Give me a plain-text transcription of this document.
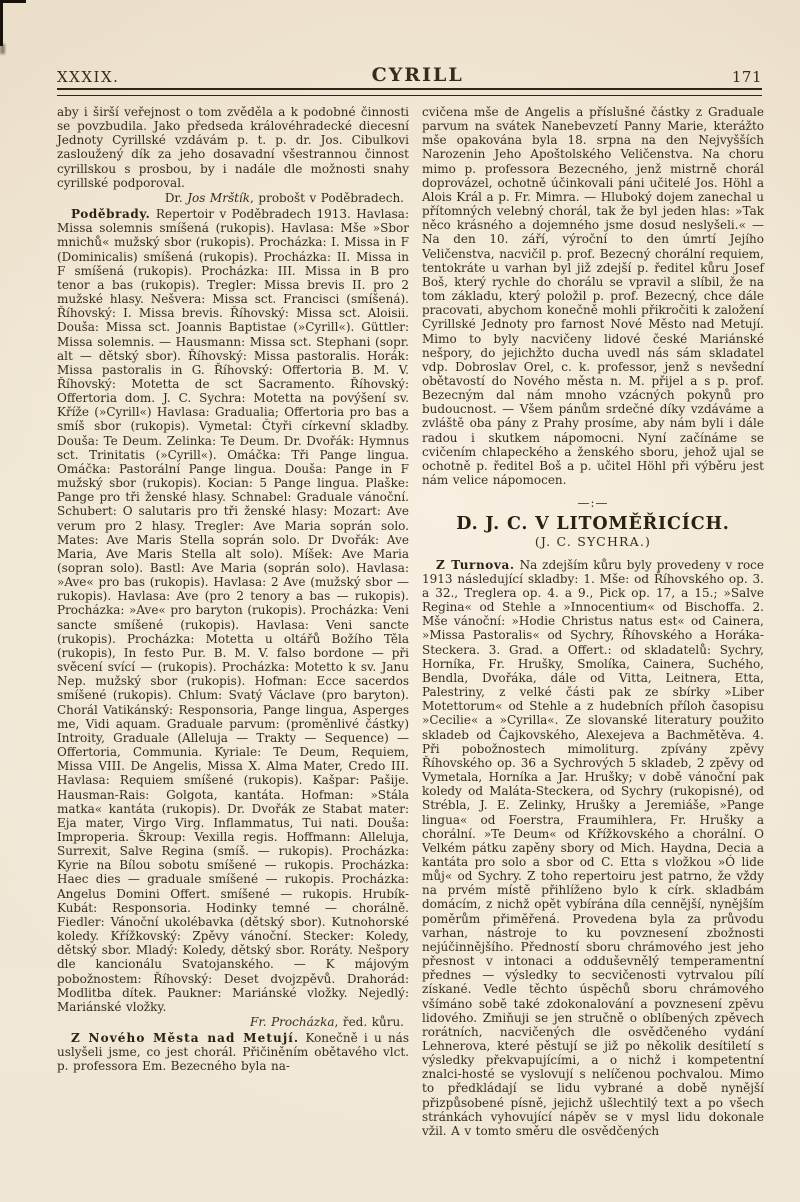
XXXIX.	CYRILL	171

aby i širší veřejnost o tom zvěděla a k podobné činnosti se povzbudila. Jako předseda královéhradecké diecesní Jednoty Cyrillské vzdávám p. t. p. dr. Jos. Cibulkovi zasloužený dík za jeho dosavadní všestrannou činnost cyrillskou s prosbou, by i nadále dle možnosti snahy cyrillské podporoval.

Dr. Jos Mrštík, probošt v Poděbradech.

Poděbrady. Repertoir v Poděbradech 1913. Havlasa: Missa solemnis smíšená (rukopis). Havlasa: Mše »Sbor mnichů« mužský sbor (rukopis). Procházka: I. Missa in F (Dominicalis) smíšená (rukopis). Procházka: II. Missa in F smíšená (rukopis). Procházka: III. Missa in B pro tenor a bas (rukopis). Tregler: Missa brevis II. pro 2 mužské hlasy. Nešvera: Missa sct. Francisci (smíšená). Říhovský: I. Missa brevis. Říhovský: Missa sct. Aloisii. Douša: Missa sct. Joannis Baptistae (»Cyrill«). Güttler: Missa solemnis. — Hausmann: Missa sct. Stephani (sopr. alt — dětský sbor). Říhovský: Missa pastoralis. Horák: Missa pastoralis in G. Říhovský: Offertoria B. M. V. Říhovský: Motetta de sct Sacramento. Říhovský: Offertoria dom. J. C. Sychra: Motetta na povýšení sv. Kříže (»Cyrill«) Havlasa: Gradualia; Offertoria pro bas a smíš sbor (rukopis). Vymetal: Čtyři církevní skladby. Douša: Te Deum. Zelinka: Te Deum. Dr. Dvořák: Hymnus sct. Trinitatis (»Cyrill«). Omáčka: Tři Pange lingua. Omáčka: Pastorální Pange lingua. Douša: Pange in F mužský sbor (rukopis). Kocian: 5 Pange lingua. Plaške: Pange pro tři ženské hlasy. Schnabel: Graduale vánoční. Schubert: O salutaris pro tři ženské hlasy: Mozart: Ave verum pro 2 hlasy. Tregler: Ave Maria soprán solo. Mates: Ave Maris Stella soprán solo. Dr Dvořák: Ave Maria, Ave Maris Stella alt solo). Míšek: Ave Maria (sopran solo). Bastl: Ave Maria (soprán solo). Havlasa: »Ave« pro bas (rukopis). Havlasa: 2 Ave (mužský sbor — rukopis). Havlasa: Ave (pro 2 tenory a bas — rukopis). Procházka: »Ave« pro baryton (rukopis). Procházka: Veni sancte smíšené (rukopis). Havlasa: Veni sancte (rukopis). Procházka: Motetta u oltářů Božího Těla (rukopis), In festo Pur. B. M. V. falso bordone — při svěcení svící — (rukopis). Procházka: Motetto k sv. Janu Nep. mužský sbor (rukopis). Hofman: Ecce sacerdos smíšené (rukopis). Chlum: Svatý Václave (pro baryton). Chorál Vatikánský: Responsoria, Pange lingua, Asperges me, Vidi aquam. Graduale parvum: (proměnlivé částky) Introity, Graduale (Alleluja — Trakty — Sequence) — Offertoria, Communia. Kyriale: Te Deum, Requiem, Missa VIII. De Angelis, Missa X. Alma Mater, Credo III. Havlasa: Requiem smíšené (rukopis). Kašpar: Pašije. Hausman-Rais: Golgota, kantáta. Hofman: »Stála matka« kantáta (rukopis). Dr. Dvořák ze Stabat mater: Eja mater, Virgo Virg. Inflammatus, Tui nati. Douša: Improperia. Škroup: Vexilla regis. Hoffmann: Alleluja, Surrexit, Salve Regina (smíš. — rukopis). Procházka: Kyrie na Bílou sobotu smíšené — rukopis. Procházka: Haec dies — graduale smíšené — rukopis. Procházka: Angelus Domini Offert. smíšené — rukopis. Hrubík-Kubát: Responsoria. Hodinky temné — chorálně. Fiedler: Vánoční ukolébavka (dětský sbor). Kutnohorské koledy. Křížkovský: Zpěvy vánoční. Stecker: Koledy, dětský sbor. Mladý: Koledy, dětský sbor. Roráty. Nešpory dle kancionálu Svatojanského. — K májovým pobožnostem: Říhovský: Deset dvojzpěvů. Drahorád: Modlitba dítek. Paukner: Mariánské vložky. Nejedlý: Mariánské vložky.

Fr. Procházka, řed. kůru.

Z Nového Města nad Metují. Konečně i u nás uslyšeli jsme, co jest chorál. Přičiněním obětavého vlct. p. professora Em. Bezecného byla na-

cvičena mše de Angelis a příslušné částky z Graduale parvum na svátek Nanebevzetí Panny Marie, kterážto mše opakována byla 18. srpna na den Nejvyšších Narozenin Jeho Apoštolského Veličenstva. Na choru mimo p. professora Bezecného, jenž mistrně chorál doprovázel, ochotně účinkovali páni učitelé Jos. Höhl a Alois Král a p. Fr. Mimra. — Hluboký dojem zanechal u přítomných velebný chorál, tak že byl jeden hlas: »Tak něco krásného a dojemného jsme dosud neslyšeli.« — Na den 10. září, výroční to den úmrtí Jejího Veličenstva, nacvičil p. prof. Bezecný chorální requiem, tentokráte u varhan byl již zdejší p. ředitel kůru Josef Boš, který rychle do chorálu se vpravil a slíbil, že na tom základu, který položil p. prof. Bezecný, chce dále pracovati, abychom konečně mohli přikročiti k založení Cyrillské Jednoty pro farnost Nové Město nad Metují. Mimo to byly nacvičeny lidové české Mariánské nešpory, do jejichžto ducha uvedl nás sám skladatel vdp. Dobroslav Orel, c. k. professor, jenž s nevšední obětavostí do Nového města n. M. přijel a s p. prof. Bezecným dal nám mnoho vzácných pokynů pro budoucnost. — Všem pánům srdečné díky vzdáváme a zvláště oba pány z Prahy prosíme, aby nám byli i dále radou i skutkem nápomocni. Nyní začínáme se cvičením chlapeckého a ženského sboru, jehož ujal se ochotně p. ředitel Boš a p. učitel Höhl při výběru jest nám velice nápomocen.

—:—
D. J. C. V LITOMĚŘICÍCH.
(J. C. SYCHRA.)

Z Turnova. Na zdejším kůru byly provedeny v roce 1913 následující skladby: 1. Mše: od Říhovského op. 3. a 32., Treglera op. 4. a 9., Pick op. 17, a 15.; »Salve Regina« od Stehle a »Innocentium« od Bischoffa. 2. Mše vánoční: »Hodie Christus natus est« od Cainera, »Missa Pastoralis« od Sychry, Říhovského a Horáka-Steckera. 3. Grad. a Offert.: od skladatelů: Sychry, Horníka, Fr. Hrušky, Smolíka, Cainera, Suchého, Bendla, Dvořáka, dále od Vitta, Leitnera, Etta, Palestriny, z velké části pak ze sbírky »Liber Motettorum« od Stehle a z hudebních příloh časopisu »Cecilie« a »Cyrilla«. Ze slovanské literatury použito skladeb od Čajkovského, Alexejeva a Bachmětěva. 4. Při pobožnostech mimoliturg. zpívány zpěvy Říhovského op. 36 a Sychrových 5 skladeb, 2 zpěvy od Vymetala, Horníka a Jar. Hrušky; v době vánoční pak koledy od Maláta-Steckera, od Sychry (rukopisné), od Strébla, J. E. Zelinky, Hrušky a Jeremiáše, »Pange lingua« od Foerstra, Fraumihlera, Fr. Hrušky a chorální. »Te Deum« od Křížkovského a chorální. O Velkém pátku zapěny sbory od Mich. Haydna, Decia a kantáta pro solo a sbor od C. Etta s vložkou »Ó lide můj« od Sychry. Z toho repertoiru jest patrno, že vždy na prvém místě přihlíženo bylo k círk. skladbám domácím, z nichž opět vybírána díla cennější, nynějším poměrům přiměřená. Provedena byla za průvodu varhan, nástroje to ku povznesení zbožnosti nejúčinnějšího. Předností sboru chrámového jest jeho přesnost v intonaci a odduševnělý temperamentní přednes — výsledky to secvičenosti vytrvalou pílí získané. Vedle těchto úspěchů sboru chrámového všímáno sobě také zdokonalování a povznesení zpěvu lidového. Zmiňuji se jen stručně o oblíbených zpěvech rorátních, nacvičených dle osvědčeného vydání Lehnerova, které pěstují se již po několik desítiletí s výsledky překvapujícími, a o nichž i kompetentní znalci-hosté se vyslovují s nelíčenou pochvalou. Mimo to předkládají se lidu vybrané a době nynější přizpůsobené písně, jejichž ušlechtilý text a po všech stránkách vyhovující nápěv se v mysl lidu dokonale vžil. A v tomto směru dle osvědčených
